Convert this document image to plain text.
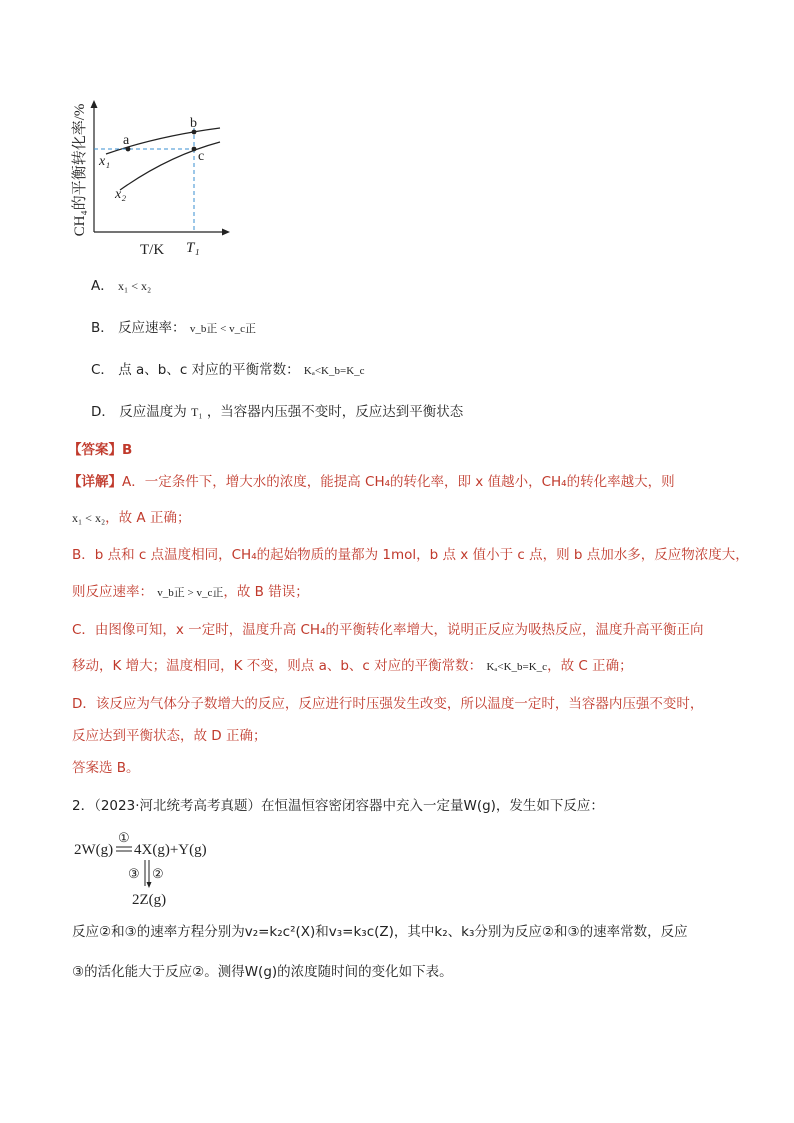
CH₄的平衡转化率/%	a
b
c
x₁
x₂
T/K T₁
A． x₁ < x₂
B． 反应速率： v_b正 < v_c正
C． 点 a、b、c 对应的平衡常数： Kₐ<K_b=K_c
D． 反应温度为 T₁ ，当容器内压强不变时，反应达到平衡状态
【答案】B
【详解】A．一定条件下，增大水的浓度，能提高 CH₄的转化率，即 x 值越小，CH₄的转化率越大，则
x₁ < x₂，故 A 正确；
B．b 点和 c 点温度相同，CH₄的起始物质的量都为 1mol，b 点 x 值小于 c 点，则 b 点加水多，反应物浓度大，
则反应速率： v_b正 > v_c正，故 B 错误；
C．由图像可知，x 一定时，温度升高 CH₄的平衡转化率增大，说明正反应为吸热反应，温度升高平衡正向
移动，K 增大；温度相同，K 不变，则点 a、b、c 对应的平衡常数： Kₐ<K_b=K_c，故 C 正确；
D．该反应为气体分子数增大的反应，反应进行时压强发生改变，所以温度一定时，当容器内压强不变时，
反应达到平衡状态，故 D 正确；
答案选 B。
2．（2023·河北统考高考真题）在恒温恒容密闭容器中充入一定量W(g)，发生如下反应：
2W(g)
①
4X(g)+Y(g)
③ ②
2Z(g)
反应②和③的速率方程分别为v₂=k₂c²(X)和v₃=k₃c(Z)，其中k₂、k₃分别为反应②和③的速率常数，反应
③的活化能大于反应②。测得W(g)的浓度随时间的变化如下表。
